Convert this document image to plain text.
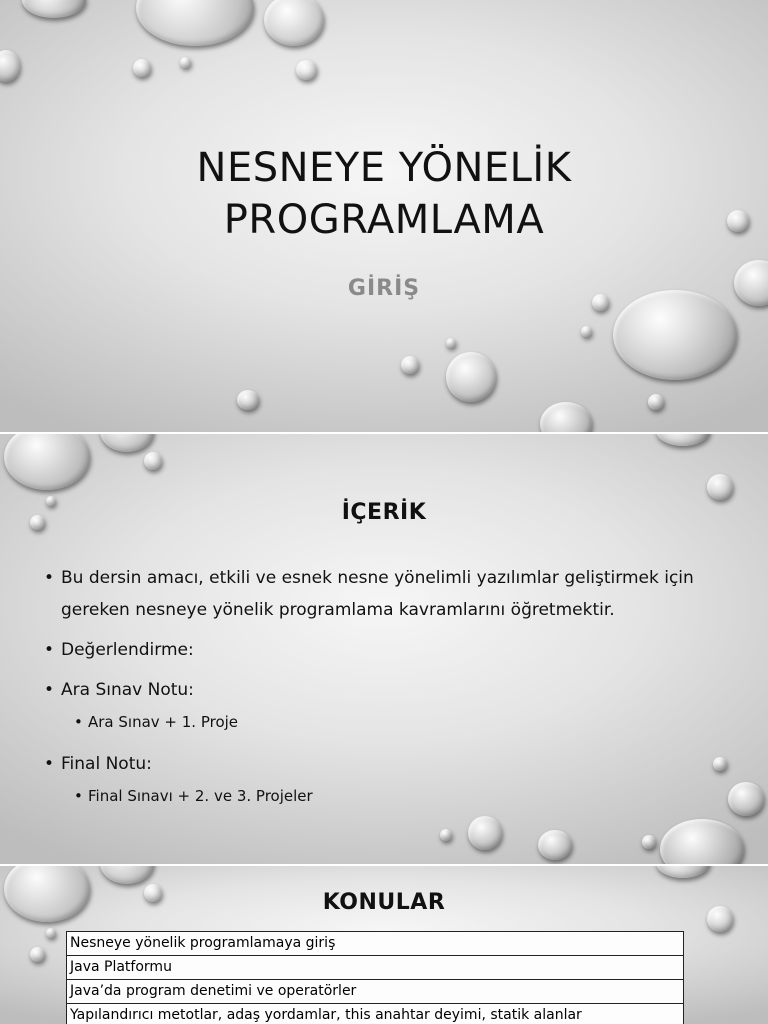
NESNEYE YÖNELİK
PROGRAMLAMA
GİRİŞ
İÇERİK
• Bu dersin amacı, etkili ve esnek nesne yönelimli yazılımlar geliştirmek için gereken nesneye yönelik programlama kavramlarını öğretmektir.
• Değerlendirme:
• Ara Sınav Notu:
• Ara Sınav + 1. Proje
• Final Notu:
• Final Sınavı + 2. ve 3. Projeler
KONULAR
Nesneye yönelik programlamaya giriş
Java Platformu
Java’da program denetimi ve operatörler
Yapılandırıcı metotlar, adaş yordamlar, this anahtar deyimi, statik alanlar
